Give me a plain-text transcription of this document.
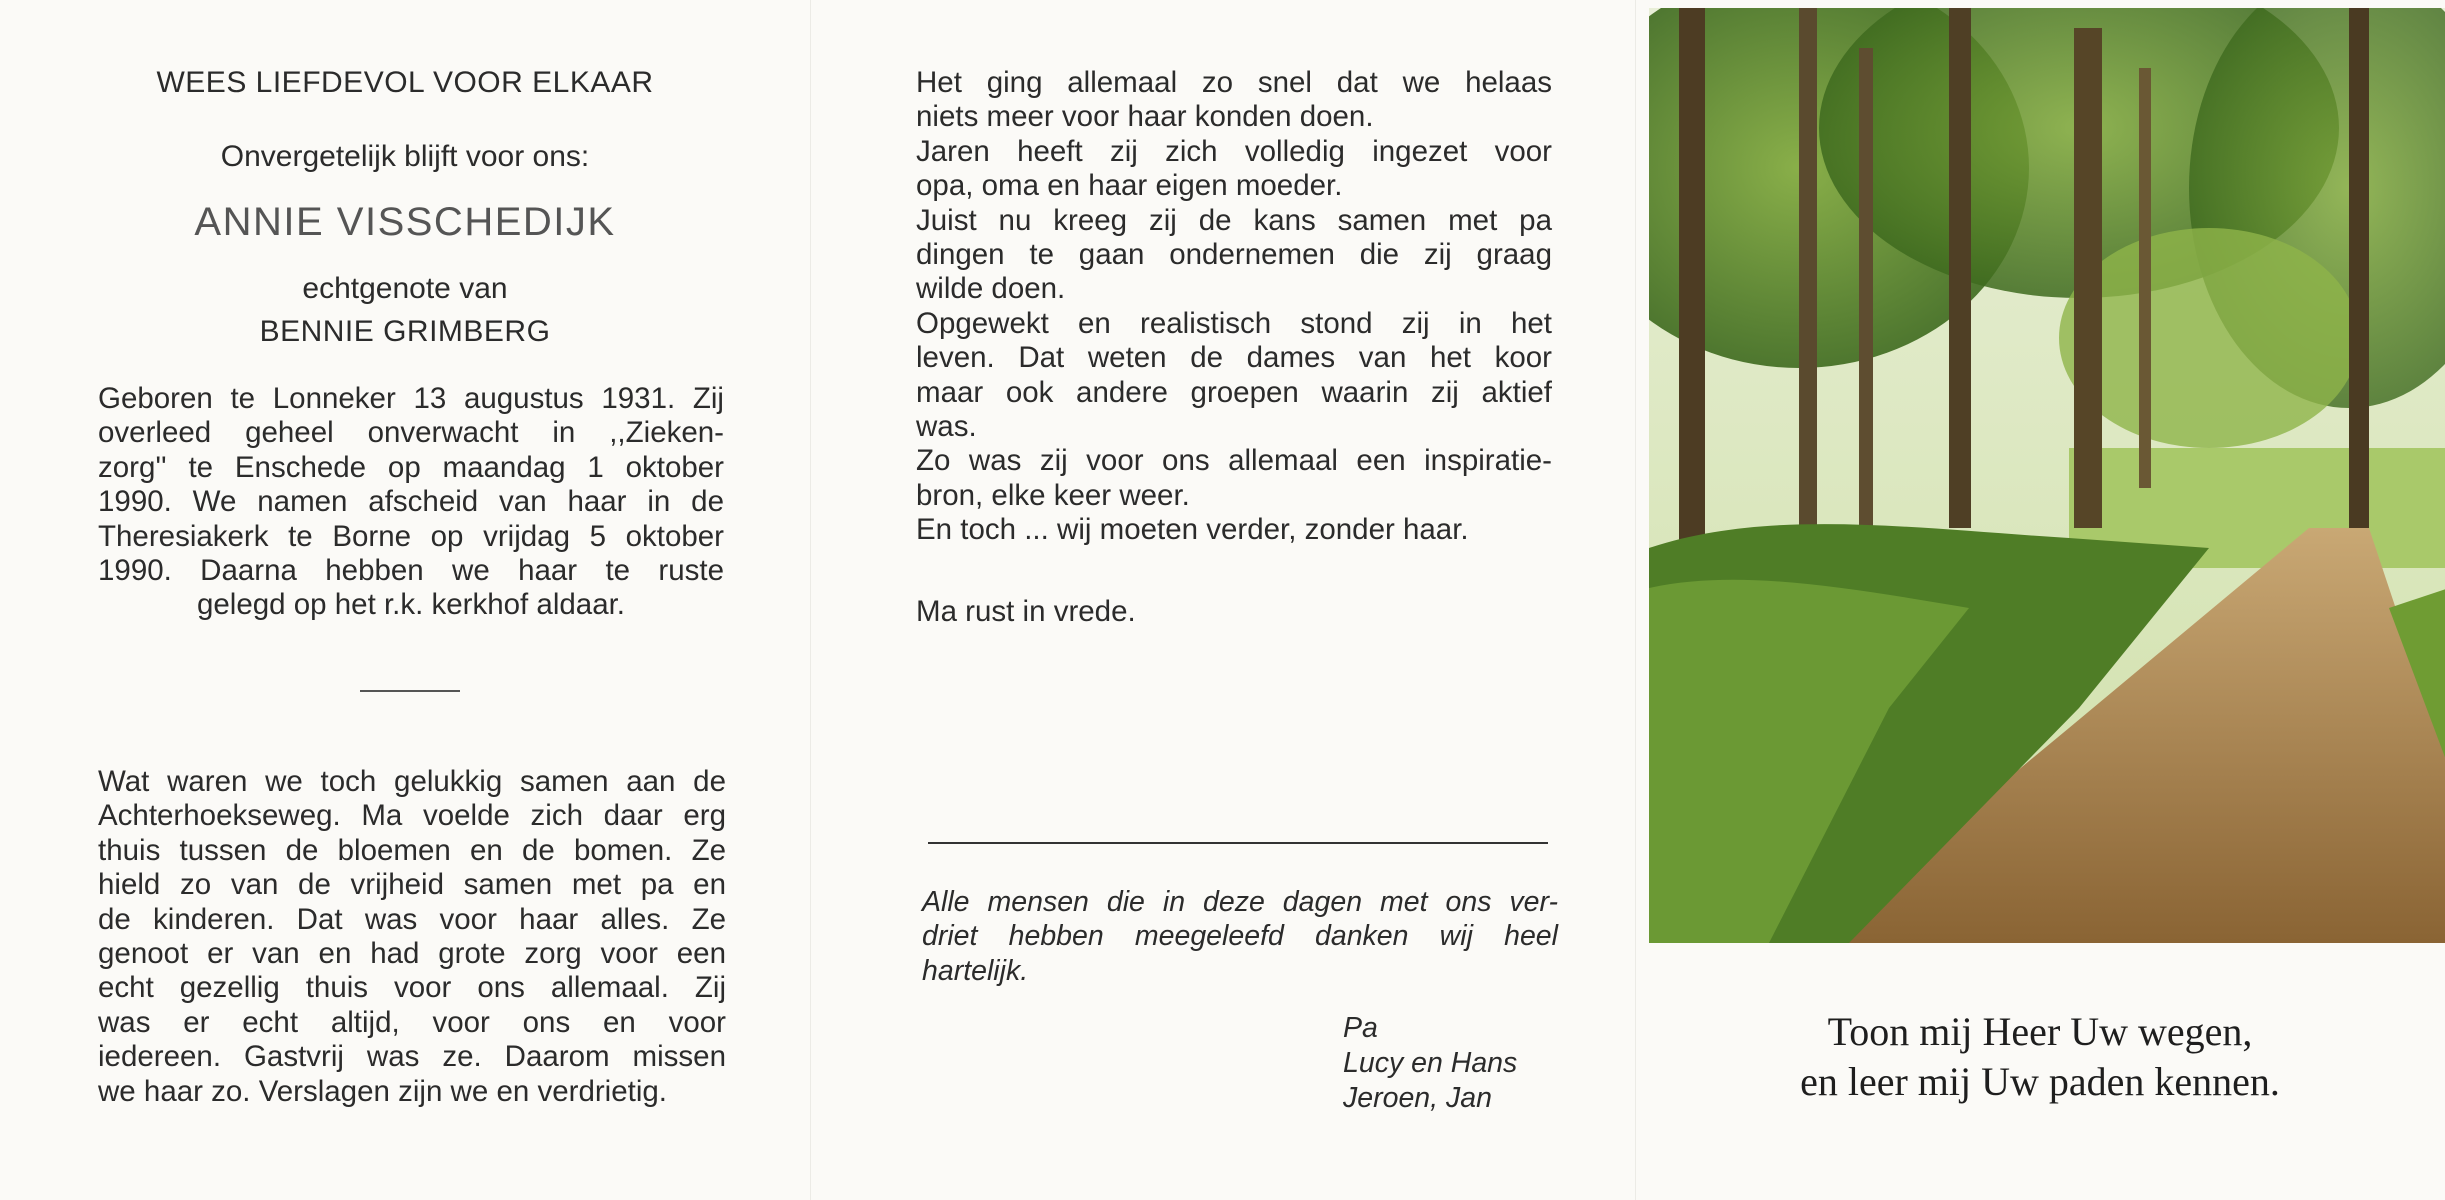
WEES LIEFDEVOL VOOR ELKAAR
Onvergetelijk blijft voor ons:
ANNIE VISSCHEDIJK
echtgenote van
BENNIE GRIMBERG
Geboren te Lonneker 13 augustus 1931. Zij
overleed geheel onverwacht in ,,Zieken-
zorg'' te Enschede op maandag 1 oktober
1990. We namen afscheid van haar in de
Theresiakerk te Borne op vrijdag 5 oktober
1990. Daarna hebben we haar te ruste
gelegd op het r.k. kerkhof aldaar.
Wat waren we toch gelukkig samen aan de
Achterhoekseweg. Ma voelde zich daar erg
thuis tussen de bloemen en de bomen. Ze
hield zo van de vrijheid samen met pa en
de kinderen. Dat was voor haar alles. Ze
genoot er van en had grote zorg voor een
echt gezellig thuis voor ons allemaal. Zij
was er echt altijd, voor ons en voor
iedereen. Gastvrij was ze. Daarom missen
we haar zo. Verslagen zijn we en verdrietig.
Het ging allemaal zo snel dat we helaas
niets meer voor haar konden doen.
Jaren heeft zij zich volledig ingezet voor
opa, oma en haar eigen moeder.
Juist nu kreeg zij de kans samen met pa
dingen te gaan ondernemen die zij graag
wilde doen.
Opgewekt en realistisch stond zij in het
leven. Dat weten de dames van het koor
maar ook andere groepen waarin zij aktief
was.
Zo was zij voor ons allemaal een inspiratie-
bron, elke keer weer.
En toch ... wij moeten verder, zonder haar.
Ma rust in vrede.
Alle mensen die in deze dagen met ons ver-
driet hebben meegeleefd danken wij heel
hartelijk.
Pa
Lucy en Hans
Jeroen, Jan
Toon mij Heer Uw wegen,
en leer mij Uw paden kennen.
